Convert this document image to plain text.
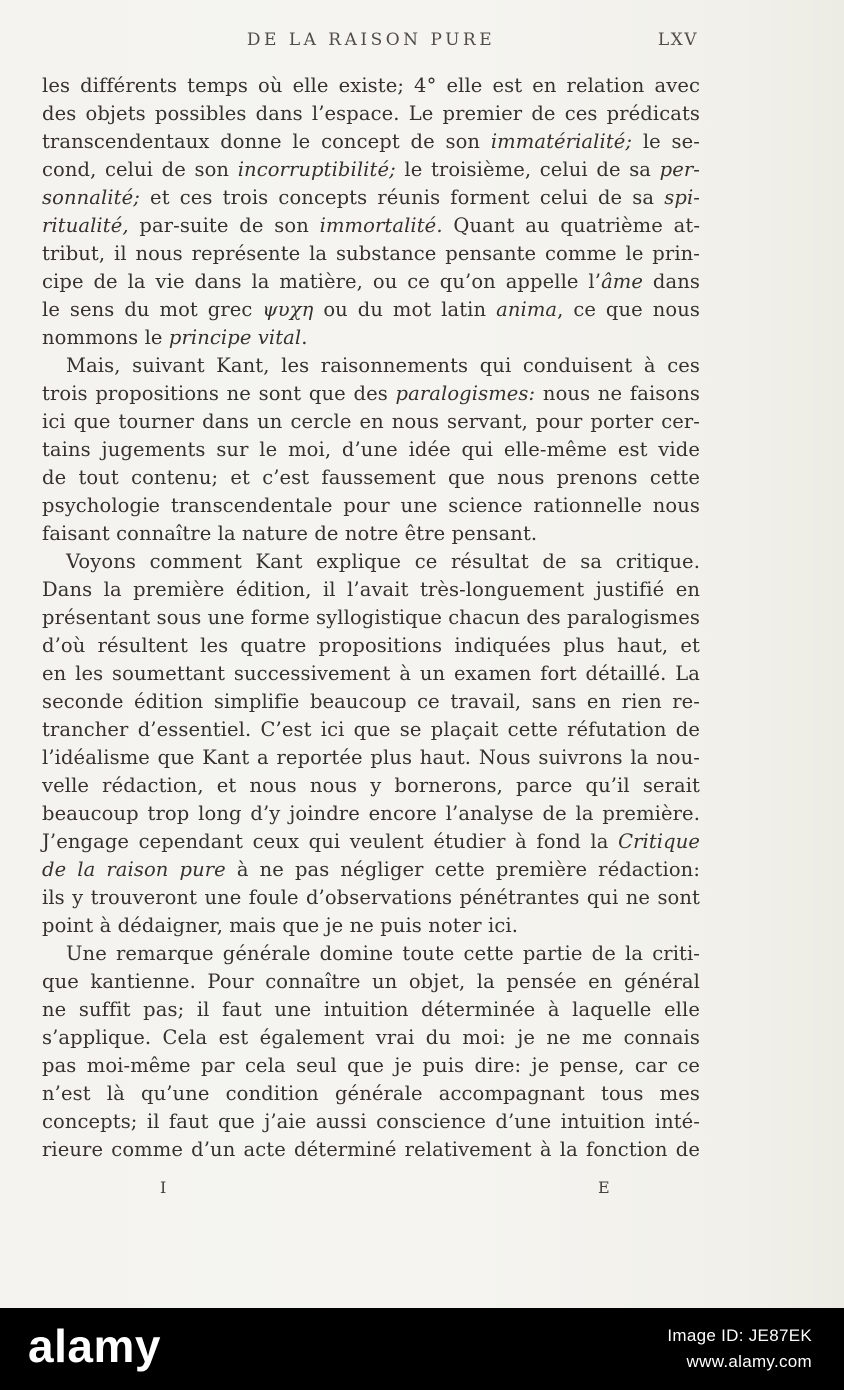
DE LA RAISON PURE	LXV
les différents temps où elle existe; 4° elle est en relation avec
des objets possibles dans l’espace. Le premier de ces prédicats
transcendentaux donne le concept de son immatérialité; le se-
cond, celui de son incorruptibilité; le troisième, celui de sa per-
sonnalité; et ces trois concepts réunis forment celui de sa spi-
ritualité, par-suite de son immortalité. Quant au quatrième at-
tribut, il nous représente la substance pensante comme le prin-
cipe de la vie dans la matière, ou ce qu’on appelle l’âme dans
le sens du mot grec ψυχη ou du mot latin anima, ce que nous
nommons le principe vital.
Mais, suivant Kant, les raisonnements qui conduisent à ces
trois propositions ne sont que des paralogismes: nous ne faisons
ici que tourner dans un cercle en nous servant, pour porter cer-
tains jugements sur le moi, d’une idée qui elle-même est vide
de tout contenu; et c’est faussement que nous prenons cette
psychologie transcendentale pour une science rationnelle nous
faisant connaître la nature de notre être pensant.
Voyons comment Kant explique ce résultat de sa critique.
Dans la première édition, il l’avait très-longuement justifié en
présentant sous une forme syllogistique chacun des paralogismes
d’où résultent les quatre propositions indiquées plus haut, et
en les soumettant successivement à un examen fort détaillé. La
seconde édition simplifie beaucoup ce travail, sans en rien re-
trancher d’essentiel. C’est ici que se plaçait cette réfutation de
l’idéalisme que Kant a reportée plus haut. Nous suivrons la nou-
velle rédaction, et nous nous y bornerons, parce qu’il serait
beaucoup trop long d’y joindre encore l’analyse de la première.
J’engage cependant ceux qui veulent étudier à fond la Critique
de la raison pure à ne pas négliger cette première rédaction:
ils y trouveront une foule d’observations pénétrantes qui ne sont
point à dédaigner, mais que je ne puis noter ici.
Une remarque générale domine toute cette partie de la criti-
que kantienne. Pour connaître un objet, la pensée en général
ne suffit pas; il faut une intuition déterminée à laquelle elle
s’applique. Cela est également vrai du moi: je ne me connais
pas moi-même par cela seul que je puis dire: je pense, car ce
n’est là qu’une condition générale accompagnant tous mes
concepts; il faut que j’aie aussi conscience d’une intuition inté-
rieure comme d’un acte déterminé relativement à la fonction de
I	E
alamy	Image ID: JE87EK
www.alamy.com
